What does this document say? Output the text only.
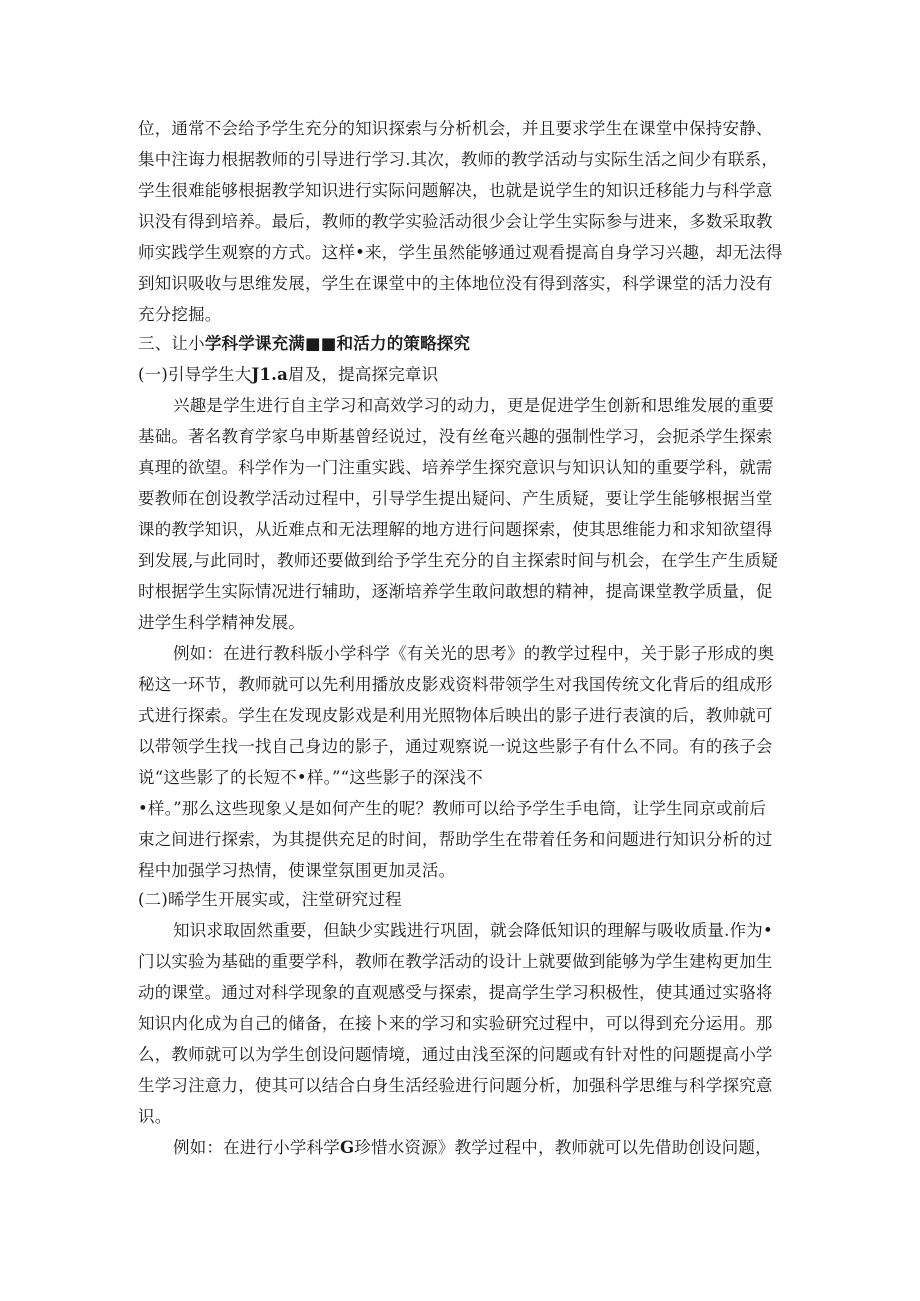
位，通常不会给予学生充分的知识探索与分析机会，并且要求学生在课堂中保持安静、
集中注诲力根据教师的引导进行学习.其次，教师的教学活动与实际生活之间少有联系，
学生很难能够根据教学知识进行实际问题解决，也就是说学生的知识迁移能力与科学意
识没有得到培养。最后，教师的教学实验活动很少会让学生实际参与进来，多数采取教
师实践学生观察的方式。这样•来，学生虽然能够通过观看提高自身学习兴趣，却无法得
到知识吸收与思维发展，学生在课堂中的主体地位没有得到落实，科学课堂的活力没有
充分挖掘。
三、让小学科学课充满■■和活力的策略探究
(一)引导学生大J1.a眉及，提高探完章识
兴趣是学生进行自主学习和高效学习的动力，更是促进学生创新和思维发展的重要
基础。著名教育学家乌申斯基曾经说过，没有丝奄兴趣的强制性学习，会扼杀学生探索
真理的欲望。科学作为一门注重实践、培养学生探究意识与知识认知的重要学科，就需
要教师在创设教学活动过程中，引导学生提出疑问、产生质疑，要让学生能够根据当堂
课的教学知识，从近难点和无法理解的地方进行问题探索，使其思维能力和求知欲望得
到发展,与此同时，教师还要做到给予学生充分的自主探索时间与机会，在学生产生质疑
时根据学生实际情况进行辅助，逐渐培养学生敢问敢想的精神，提高课堂教学质量，促
进学生科学精神发展。
例如：在进行教科版小学科学《有关光的思考》的教学过程中，关于影子形成的奥
秘这一环节，教师就可以先利用播放皮影戏资料带领学生对我国传统文化背后的组成形
式进行探索。学生在发现皮影戏是利用光照物体后映出的影子进行表演的后，教帅就可
以带领学生找一找自己身边的影子，通过观察说一说这些影子有什么不同。有的孩子会
说“这些影了的长短不•样。”“这些影子的深浅不
•样。”那么这些现象乂是如何产生的呢？教师可以给予学生手电筒，让学生同京或前后
束之间进行探索，为其提供充足的时间，帮助学生在带着任务和问题进行知识分析的过
程中加强学习热情，使课堂氛围更加灵活。
(二)晞学生开展实或，注堂研究过程
知识求取固然重要，但缺少实践进行巩固，就会降低知识的理解与吸收质量.作为•
门以实验为基础的重要学科，教师在教学活动的设计上就要做到能够为学生建构更加生
动的课堂。通过对科学现象的直观感受与探索，提高学生学习积极性，使其通过实骆将
知识内化成为自己的储备，在接卜来的学习和实验研究过程中，可以得到充分运用。那
么，教师就可以为学生创设问题情境，通过由浅至深的问题或有针对性的问题提高小学
生学习注意力，使其可以结合白身生活经验进行问题分析，加强科学思维与科学探究意
识。
例如：在进行小学科学G珍惜水资源》教学过程中，教师就可以先借助创设问题，
